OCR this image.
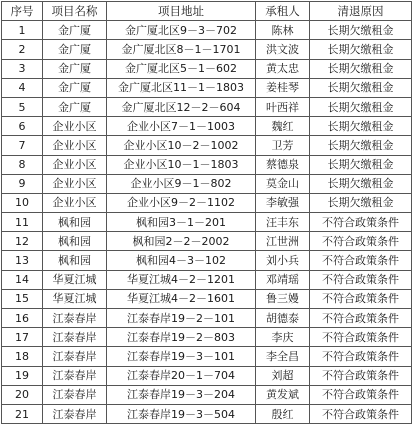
序号	项目名称	项目地址	承租人	清退原因
1	金广厦	金广厦北区9－3－702	陈林	长期欠缴租金
2	金广厦	金广厦北区8－1－1701	洪文波	长期欠缴租金
3	金广厦	金广厦北区5－1－602	黄太忠	长期欠缴租金
4	金广厦	金广厦北区11－1－1803	姜桂琴	长期欠缴租金
5	金广厦	金广厦北区12－2－604	叶西祥	长期欠缴租金
6	企业小区	企业小区7－1－1003	魏红	长期欠缴租金
7	企业小区	企业小区10－2－1002	卫芳	长期欠缴租金
8	企业小区	企业小区10－1－1803	蔡德泉	长期欠缴租金
9	企业小区	企业小区9－1－802	莫金山	长期欠缴租金
10	企业小区	企业小区9－2－1102	李敏强	长期欠缴租金
11	枫和园	枫和园3－1－201	汪丰东	不符合政策条件
12	枫和园	枫和园2－2－2002	江世洲	不符合政策条件
13	枫和园	枫和园4－3－102	刘小兵	不符合政策条件
14	华夏江城	华夏江城4－2－1201	邓靖瑶	不符合政策条件
15	华夏江城	华夏江城4－2－1601	鲁三嫚	不符合政策条件
16	江泰春岸	江泰春岸19－2－101	胡德泰	不符合政策条件
17	江泰春岸	江泰春岸19－2－803	李庆	不符合政策条件
18	江泰春岸	江泰春岸19－3－101	李全昌	不符合政策条件
19	江泰春岸	江泰春岸20－1－704	刘超	不符合政策条件
20	江泰春岸	江泰春岸19－3－204	黄发斌	不符合政策条件
21	江泰春岸	江泰春岸19－3－504	殷红	不符合政策条件
